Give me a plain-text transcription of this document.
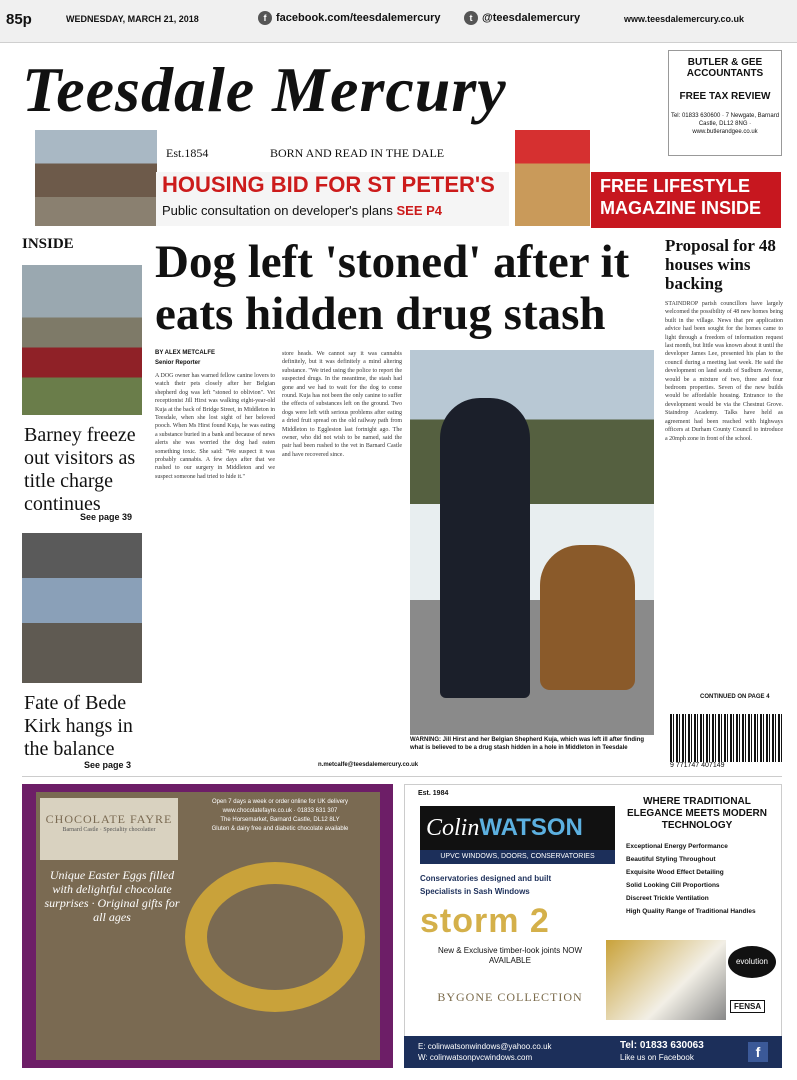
85p	WEDNESDAY, MARCH 21, 2018	f facebook.com/teesdalemercury	t @teesdalemercury	www.teesdalemercury.co.uk
Teesdale Mercury	BUTLER & GEE ACCOUNTANTS
FREE TAX REVIEW
Tel: 01833 630600 · 7 Newgate, Barnard Castle, DL12 8NG · www.butlerandgee.co.uk
Est.1854	BORN AND READ IN THE DALE
HOUSING BID FOR ST PETER'S
Public consultation on developer's plans SEE P4
FREE LIFESTYLE MAGAZINE INSIDE
INSIDE
Barney freeze out visitors as title charge continues
See page 39
Fate of Bede Kirk hangs in the balance
See page 3
Dog left 'stoned' after it eats hidden drug stash
BY ALEX METCALFE
Senior Reporter
A DOG owner has warned fellow canine lovers to watch their pets closely after her Belgian shepherd dog was left "stoned to oblivion". Vet receptionist Jill Hirst was walking eight-year-old Kuja at the back of Bridge Street, in Middleton in Teesdale, when she lost sight of her beloved pooch. When Ms Hirst found Kuja, he was eating a substance buried in a bank and because of news alerts she was worried the dog had eaten something toxic. She said: "We suspect it was probably cannabis. A few days after that we rushed to our surgery in Middleton and we suspect someone had tried to hide it."
store heads. We cannot say it was cannabis definitely, but it was definitely a mind altering substance. "We tried using the police to report the suspected drugs. In the meantime, the stash had gone and we had to wait for the dog to come round. Kuja has not been the only canine to suffer the effects of substances left on the ground. Two dogs were left with serious problems after eating a dried fruit spread on the old railway path from Middleton to Eggleston last fortnight ago. The owner, who did not wish to be named, said the pair had been rushed to the vet in Barnard Castle and have recovered since.
n.metcalfe@teesdalemercury.co.uk
WARNING: Jill Hirst and her Belgian Shepherd Kuja, which was left ill after finding what is believed to be a drug stash hidden in a hole in Middleton in Teesdale
Proposal for 48 houses wins backing
STAINDROP parish councillors have largely welcomed the possibility of 48 new homes being built in the village. News that pre application advice had been sought for the homes came to light through a freedom of information request last month, but little was known about it until the developer James Lee, presented his plan to the council during a meeting last week. He said the development on land south of Sudburn Avenue, would be a mixture of two, three and four bedroom properties. Seven of the new builds would be affordable housing. Entrance to the development would be via the Chestnut Grove. Staindrop Academy. Talks have held as agreement had been reached with highways officers at Durham County Council to introduce a 20mph zone in front of the school.
CONTINUED ON PAGE 4
9 771747 407149
CHOCOLATE FAYRE
Barnard Castle · Speciality chocolatier
Open 7 days a week or order online for UK delivery
www.chocolatefayre.co.uk · 01833 631 307
The Horsemarket, Barnard Castle, DL12 8LY
Gluten & dairy free and diabetic chocolate available
Unique Easter Eggs filled with delightful chocolate surprises · Original gifts for all ages
Est. 1984
ColinWATSON
UPVC WINDOWS, DOORS, CONSERVATORIES
Conservatories designed and built
Specialists in Sash Windows
storm 2
New & Exclusive timber-look joints NOW AVAILABLE
BYGONE COLLECTION
WHERE TRADITIONAL ELEGANCE MEETS MODERN TECHNOLOGY
Exceptional Energy Performance
Beautiful Styling Throughout
Exquisite Wood Effect Detailing
Solid Looking Cill Proportions
Discreet Trickle Ventilation
High Quality Range of Traditional Handles
evolution
FENSA
E: colinwatsonwindows@yahoo.co.uk
W: colinwatsonpvcwindows.com
Tel: 01833 630063
Like us on Facebook	f
